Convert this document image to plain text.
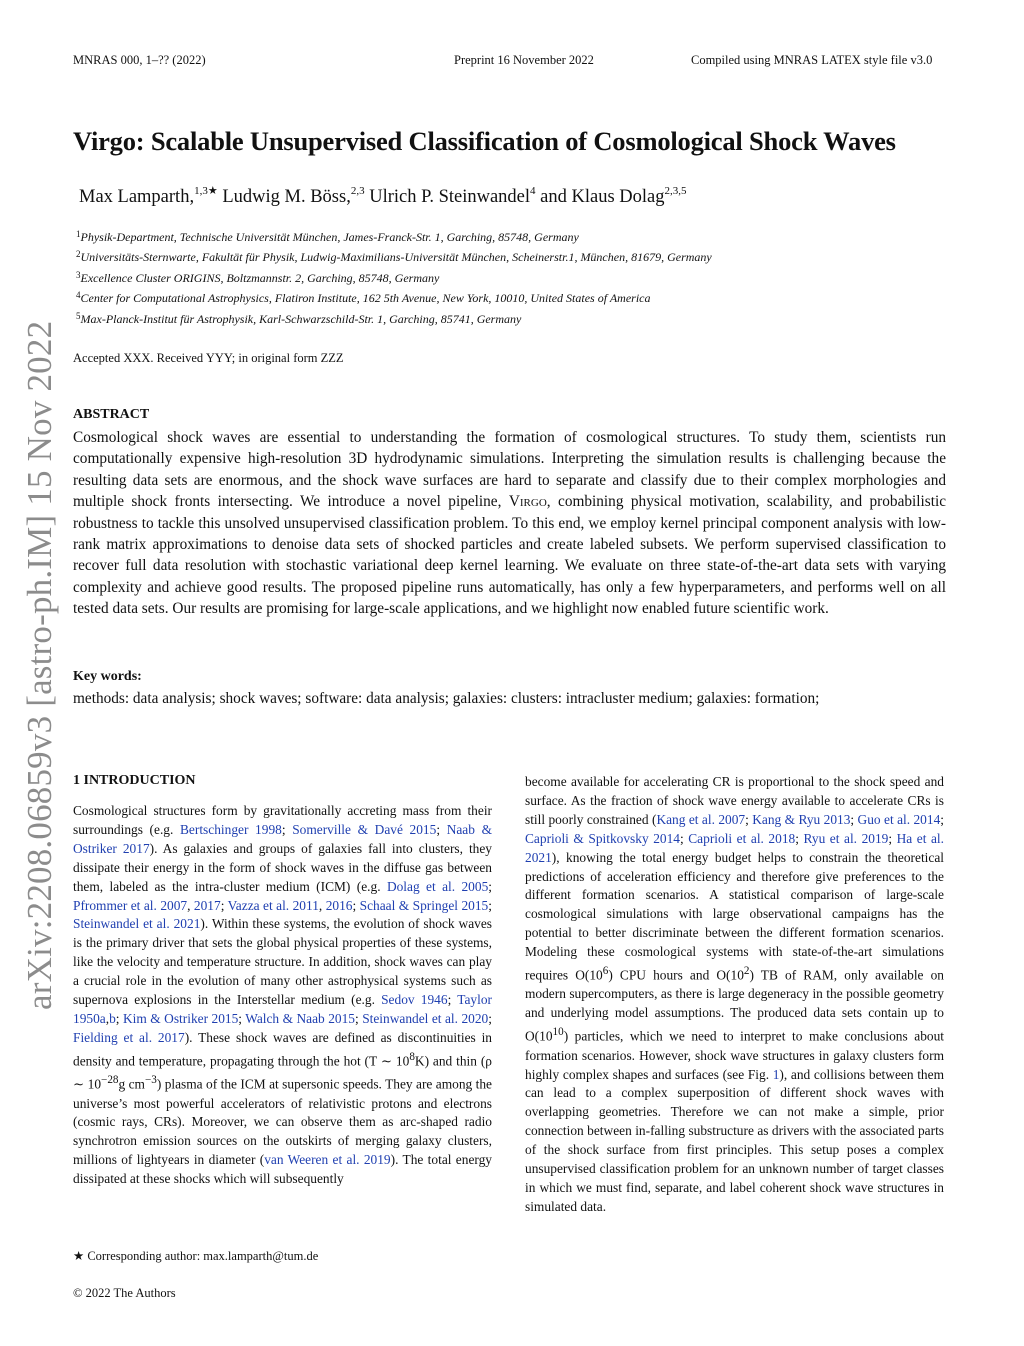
MNRAS 000, 1–?? (2022)	Preprint 16 November 2022	Compiled using MNRAS LATEX style file v3.0
arXiv:2208.06859v3 [astro-ph.IM] 15 Nov 2022
Virgo: Scalable Unsupervised Classification of Cosmological Shock Waves
Max Lamparth,$^{1,3★}$ Ludwig M. Böss,$^{2,3}$ Ulrich P. Steinwandel$^4$ and Klaus Dolag$^{2,3,5}$
$^1$Physik-Department, Technische Universität München, James-Franck-Str. 1, Garching, 85748, Germany
$^2$Universitäts-Sternwarte, Fakultät für Physik, Ludwig-Maximilians-Universität München, Scheinerstr.1, München, 81679, Germany
$^3$Excellence Cluster ORIGINS, Boltzmannstr. 2, Garching, 85748, Germany
$^4$Center for Computational Astrophysics, Flatiron Institute, 162 5th Avenue, New York, 10010, United States of America
$^5$Max-Planck-Institut für Astrophysik, Karl-Schwarzschild-Str. 1, Garching, 85741, Germany
Accepted XXX. Received YYY; in original form ZZZ
ABSTRACT
Cosmological shock waves are essential to understanding the formation of cosmological structures. To study them, scientists run computationally expensive high-resolution 3D hydrodynamic simulations. Interpreting the simulation results is challenging because the resulting data sets are enormous, and the shock wave surfaces are hard to separate and classify due to their complex morphologies and multiple shock fronts intersecting. We introduce a novel pipeline, Virgo, combining physical motivation, scalability, and probabilistic robustness to tackle this unsolved unsupervised classification problem. To this end, we employ kernel principal component analysis with low-rank matrix approximations to denoise data sets of shocked particles and create labeled subsets. We perform supervised classification to recover full data resolution with stochastic variational deep kernel learning. We evaluate on three state-of-the-art data sets with varying complexity and achieve good results. The proposed pipeline runs automatically, has only a few hyperparameters, and performs well on all tested data sets. Our results are promising for large-scale applications, and we highlight now enabled future scientific work.
Key words:
methods: data analysis; shock waves; software: data analysis; galaxies: clusters: intracluster medium; galaxies: formation;
1 INTRODUCTION
Cosmological structures form by gravitationally accreting mass from their surroundings (e.g. Bertschinger 1998; Somerville & Davé 2015; Naab & Ostriker 2017). As galaxies and groups of galaxies fall into clusters, they dissipate their energy in the form of shock waves in the diffuse gas between them, labeled as the intra-cluster medium (ICM) (e.g. Dolag et al. 2005; Pfrommer et al. 2007, 2017; Vazza et al. 2011, 2016; Schaal & Springel 2015; Steinwandel et al. 2021). Within these systems, the evolution of shock waves is the primary driver that sets the global physical properties of these systems, like the velocity and temperature structure. In addition, shock waves can play a crucial role in the evolution of many other astrophysical systems such as supernova explosions in the Interstellar medium (e.g. Sedov 1946; Taylor 1950a,b; Kim & Ostriker 2015; Walch & Naab 2015; Steinwandel et al. 2020; Fielding et al. 2017). These shock waves are defined as discontinuities in density and temperature, propagating through the hot (T ∼ $10^8K$) and thin (ρ ∼ $10^{-28}g$ $cm^{-3}$) plasma of the ICM at supersonic speeds. They are among the universe’s most powerful accelerators of relativistic protons and electrons (cosmic rays, CRs). Moreover, we can observe them as arc-shaped radio synchrotron emission sources on the outskirts of merging galaxy clusters, millions of lightyears in diameter (van Weeren et al. 2019). The total energy dissipated at these shocks which will subsequently
become available for accelerating CR is proportional to the shock speed and surface. As the fraction of shock wave energy available to accelerate CRs is still poorly constrained (Kang et al. 2007; Kang & Ryu 2013; Guo et al. 2014; Caprioli & Spitkovsky 2014; Caprioli et al. 2018; Ryu et al. 2019; Ha et al. 2021), knowing the total energy budget helps to constrain the theoretical predictions of acceleration efficiency and therefore give preferences to the different formation scenarios. A statistical comparison of large-scale cosmological simulations with large observational campaigns has the potential to better discriminate between the different formation scenarios. Modeling these cosmological systems with state-of-the-art simulations requires $O(10^6)$ CPU hours and $O(10^2)$ TB of RAM, only available on modern supercomputers, as there is large degeneracy in the possible geometry and underlying model assumptions. The produced data sets contain up to $O(10^{10})$ particles, which we need to interpret to make conclusions about formation scenarios. However, shock wave structures in galaxy clusters form highly complex shapes and surfaces (see Fig. 1), and collisions between them can lead to a complex superposition of different shock waves with overlapping geometries. Therefore we can not make a simple, prior connection between in-falling substructure as drivers with the associated parts of the shock surface from first principles. This setup poses a complex unsupervised classification problem for an unknown number of target classes in which we must find, separate, and label coherent shock wave structures in simulated data.
★ Corresponding author: max.lamparth@tum.de
© 2022 The Authors
